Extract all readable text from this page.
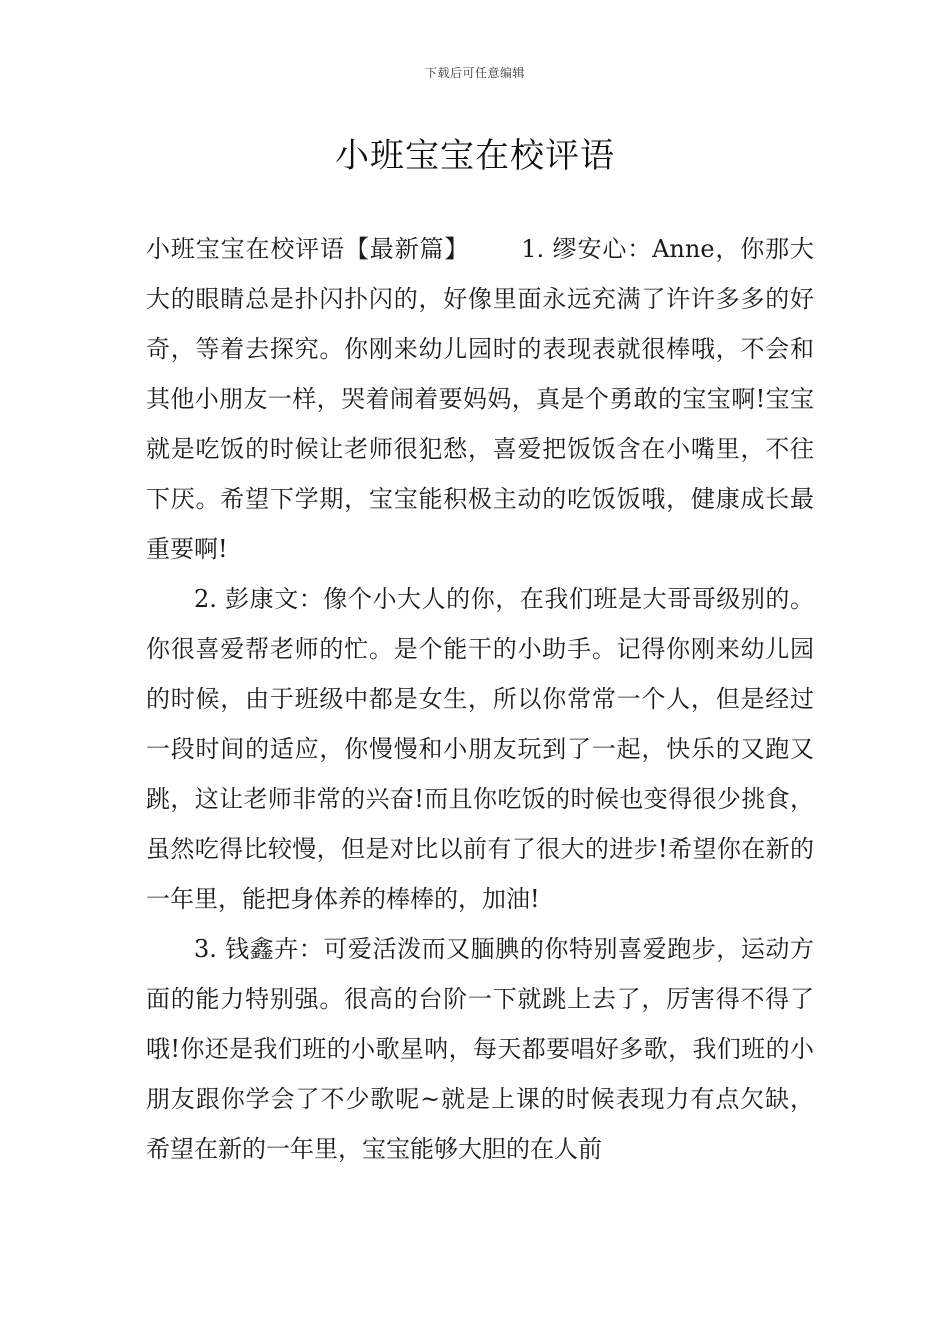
下载后可任意编辑
小班宝宝在校评语

小班宝宝在校评语【最新篇】 1. 缪安心：Anne，你那大大的眼睛总是扑闪扑闪的，好像里面永远充满了许许多多的好奇，等着去探究。你刚来幼儿园时的表现表就很棒哦，不会和其他小朋友一样，哭着闹着要妈妈，真是个勇敢的宝宝啊!宝宝就是吃饭的时候让老师很犯愁，喜爱把饭饭含在小嘴里，不往下厌。希望下学期，宝宝能积极主动的吃饭饭哦，健康成长最重要啊!

2. 彭康文：像个小大人的你，在我们班是大哥哥级别的。你很喜爱帮老师的忙。是个能干的小助手。记得你刚来幼儿园的时候，由于班级中都是女生，所以你常常一个人，但是经过一段时间的适应，你慢慢和小朋友玩到了一起，快乐的又跑又跳，这让老师非常的兴奋!而且你吃饭的时候也变得很少挑食，虽然吃得比较慢，但是对比以前有了很大的进步!希望你在新的一年里，能把身体养的棒棒的，加油!

3. 钱鑫卉：可爱活泼而又腼腆的你特别喜爱跑步，运动方面的能力特别强。很高的台阶一下就跳上去了，厉害得不得了哦!你还是我们班的小歌星呐，每天都要唱好多歌，我们班的小朋友跟你学会了不少歌呢~就是上课的时候表现力有点欠缺，希望在新的一年里，宝宝能够大胆的在人前
